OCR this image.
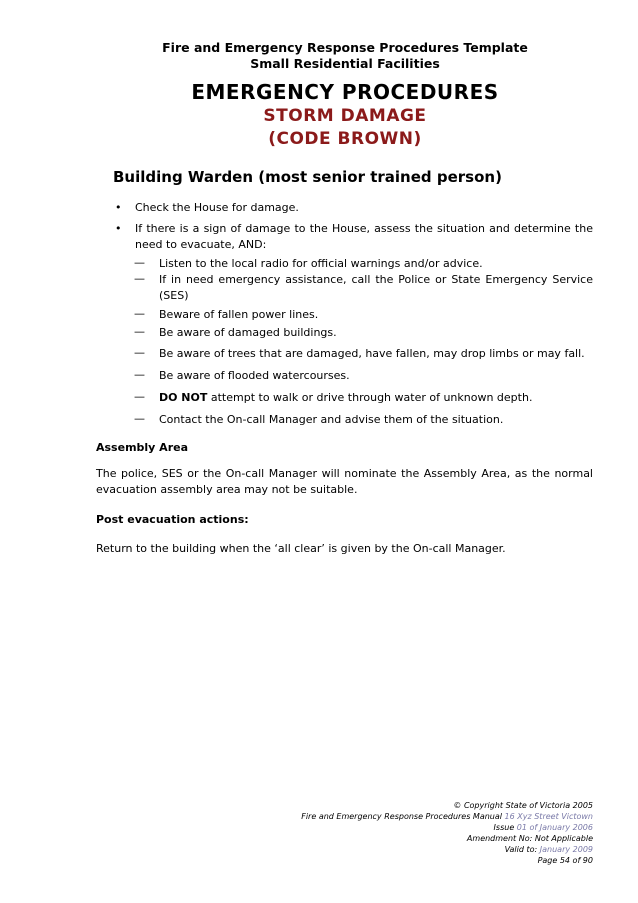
Fire and Emergency Response Procedures Template
Small Residential Facilities
EMERGENCY PROCEDURES
STORM DAMAGE
(CODE BROWN)
Building Warden (most senior trained person)
• Check the House for damage.
• If there is a sign of damage to the House, assess the situation and determine the need to evacuate, AND:
— Listen to the local radio for official warnings and/or advice.
— If in need emergency assistance, call the Police or State Emergency Service (SES)
— Beware of fallen power lines.
— Be aware of damaged buildings.
— Be aware of trees that are damaged, have fallen, may drop limbs or may fall.
— Be aware of flooded watercourses.
— DO NOT attempt to walk or drive through water of unknown depth.
— Contact the On-call Manager and advise them of the situation.
Assembly Area
The police, SES or the On-call Manager will nominate the Assembly Area, as the normal evacuation assembly area may not be suitable.
Post evacuation actions:
Return to the building when the ‘all clear’ is given by the On-call Manager.
© Copyright State of Victoria 2005
Fire and Emergency Response Procedures Manual 16 Xyz Street Victown
Issue 01 of January 2006
Amendment No: Not Applicable
Valid to: January 2009
Page 54 of 90
